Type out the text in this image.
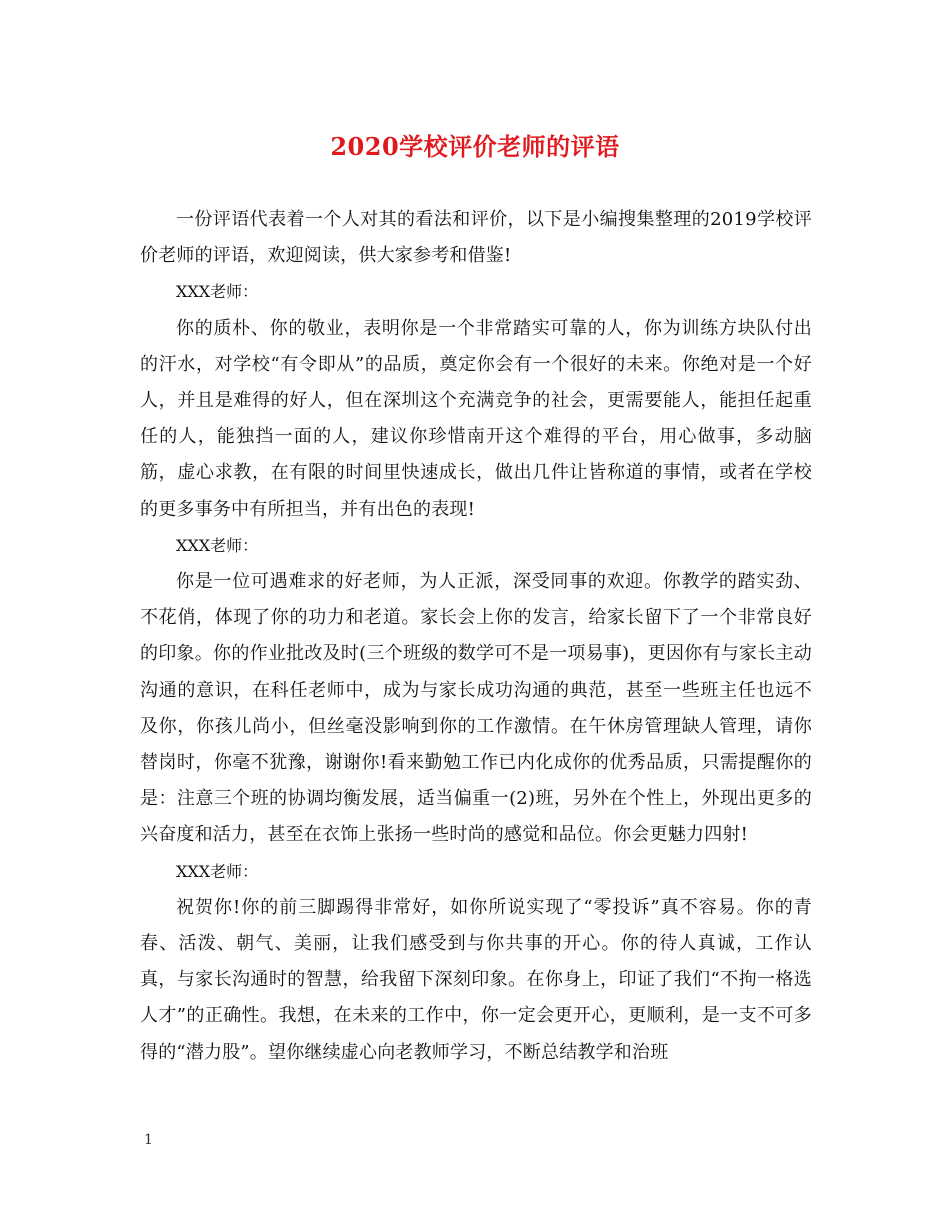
2020学校评价老师的评语

一份评语代表着一个人对其的看法和评价，以下是小编搜集整理的2019学校评价老师的评语，欢迎阅读，供大家参考和借鉴!

XXX老师：

你的质朴、你的敬业，表明你是一个非常踏实可靠的人，你为训练方块队付出的汗水，对学校“有令即从”的品质，奠定你会有一个很好的未来。你绝对是一个好人，并且是难得的好人，但在深圳这个充满竞争的社会，更需要能人，能担任起重任的人，能独挡一面的人，建议你珍惜南开这个难得的平台，用心做事，多动脑筋，虚心求教，在有限的时间里快速成长，做出几件让皆称道的事情，或者在学校的更多事务中有所担当，并有出色的表现!

XXX老师：

你是一位可遇难求的好老师，为人正派，深受同事的欢迎。你教学的踏实劲、不花俏，体现了你的功力和老道。家长会上你的发言，给家长留下了一个非常良好的印象。你的作业批改及时(三个班级的数学可不是一项易事)，更因你有与家长主动沟通的意识，在科任老师中，成为与家长成功沟通的典范，甚至一些班主任也远不及你，你孩儿尚小，但丝毫没影响到你的工作激情。在午休房管理缺人管理，请你替岗时，你毫不犹豫，谢谢你!看来勤勉工作已内化成你的优秀品质，只需提醒你的是：注意三个班的协调均衡发展，适当偏重一(2)班，另外在个性上，外现出更多的兴奋度和活力，甚至在衣饰上张扬一些时尚的感觉和品位。你会更魅力四射!

XXX老师：

祝贺你!你的前三脚踢得非常好，如你所说实现了“零投诉”真不容易。你的青春、活泼、朝气、美丽，让我们感受到与你共事的开心。你的待人真诚，工作认真，与家长沟通时的智慧，给我留下深刻印象。在你身上，印证了我们“不拘一格选人才”的正确性。我想，在未来的工作中，你一定会更开心，更顺利，是一支不可多得的“潜力股”。望你继续虚心向老教师学习，不断总结教学和治班

1
